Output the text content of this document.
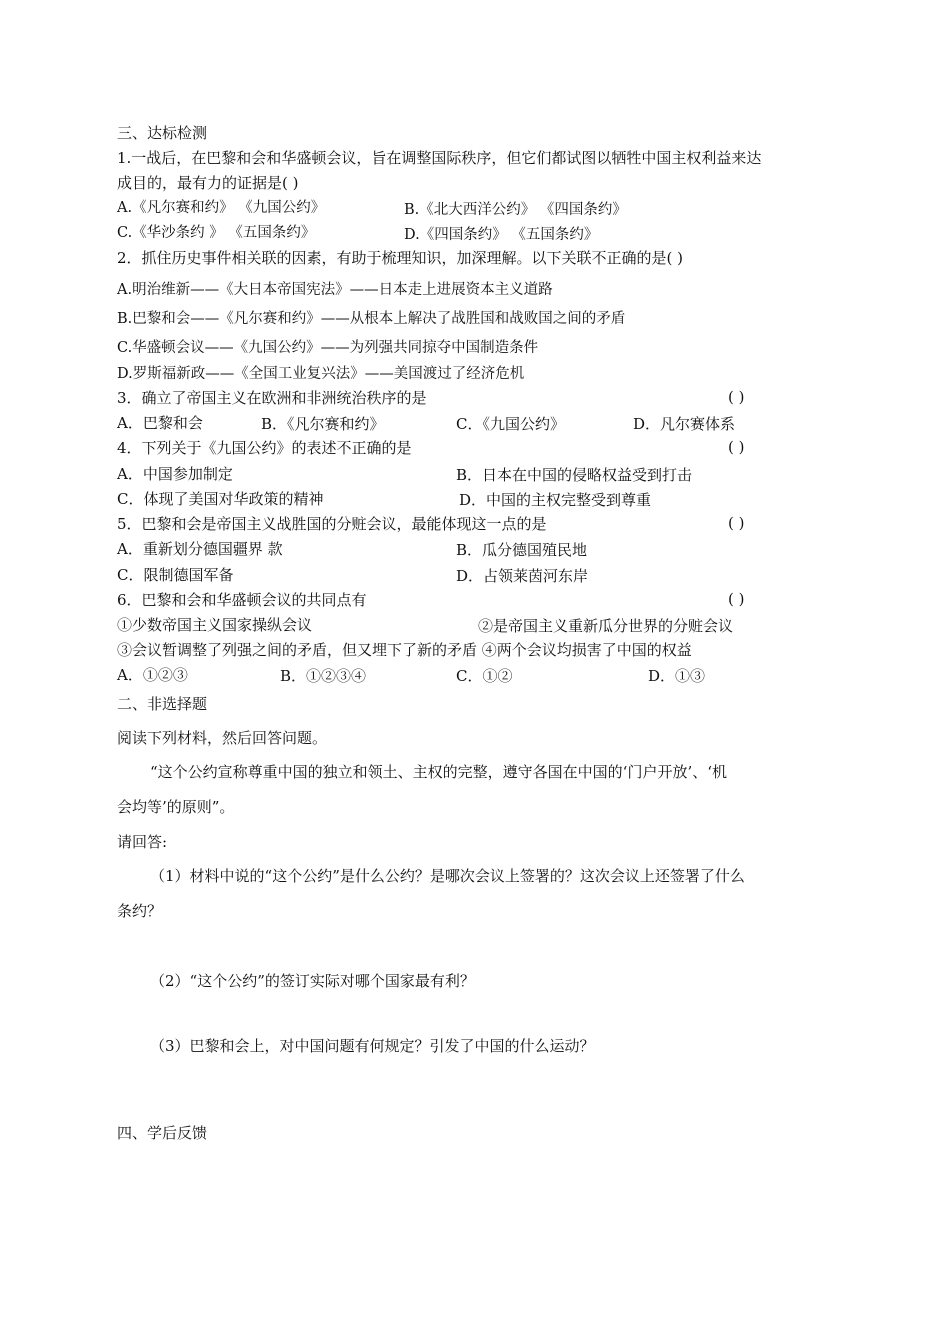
三、达标检测
1.一战后，在巴黎和会和华盛顿会议，旨在调整国际秩序，但它们都试图以牺牲中国主权利益来达
成目的，最有力的证据是( )
A.《凡尔赛和约》 《九国公约》	B.《北大西洋公约》 《四国条约》
C.《华沙条约 》 《五国条约》	D.《四国条约》 《五国条约》
2．抓住历史事件相关联的因素，有助于梳理知识，加深理解。以下关联不正确的是( )
A.明治维新——《大日本帝国宪法》——日本走上进展资本主义道路
B.巴黎和会——《凡尔赛和约》——从根本上解决了战胜国和战败国之间的矛盾
C.华盛顿会议——《九国公约》——为列强共同掠夺中国制造条件
D.罗斯福新政——《全国工业复兴法》——美国渡过了经济危机
3．确立了帝国主义在欧洲和非洲统治秩序的是	( )
A．巴黎和会	B．《凡尔赛和约》	C．《九国公约》	D．凡尔赛体系
4．下列关于《九国公约》的表述不正确的是	( )
A．中国参加制定	B．日本在中国的侵略权益受到打击
C．体现了美国对华政策的精神	D．中国的主权完整受到尊重
5．巴黎和会是帝国主义战胜国的分赃会议，最能体现这一点的是	( )
A．重新划分德国疆界 款	B．瓜分德国殖民地
C．限制德国军备	D．占领莱茵河东岸
6．巴黎和会和华盛顿会议的共同点有	( )
①少数帝国主义国家操纵会议	②是帝国主义重新瓜分世界的分赃会议
③会议暂调整了列强之间的矛盾，但又埋下了新的矛盾 ④两个会议均损害了中国的权益
A．①②③	B．①②③④	C．①②	D．①③
二、非选择题
阅读下列材料，然后回答问题。
“这个公约宣称尊重中国的独立和领土、主权的完整，遵守各国在中国的‘门户开放’、‘机
会均等’的原则”。
请回答:
（1）材料中说的“这个公约”是什么公约？是哪次会议上签署的？这次会议上还签署了什么
条约？
（2）“这个公约”的签订实际对哪个国家最有利？
（3）巴黎和会上，对中国问题有何规定？引发了中国的什么运动？
四、学后反馈
